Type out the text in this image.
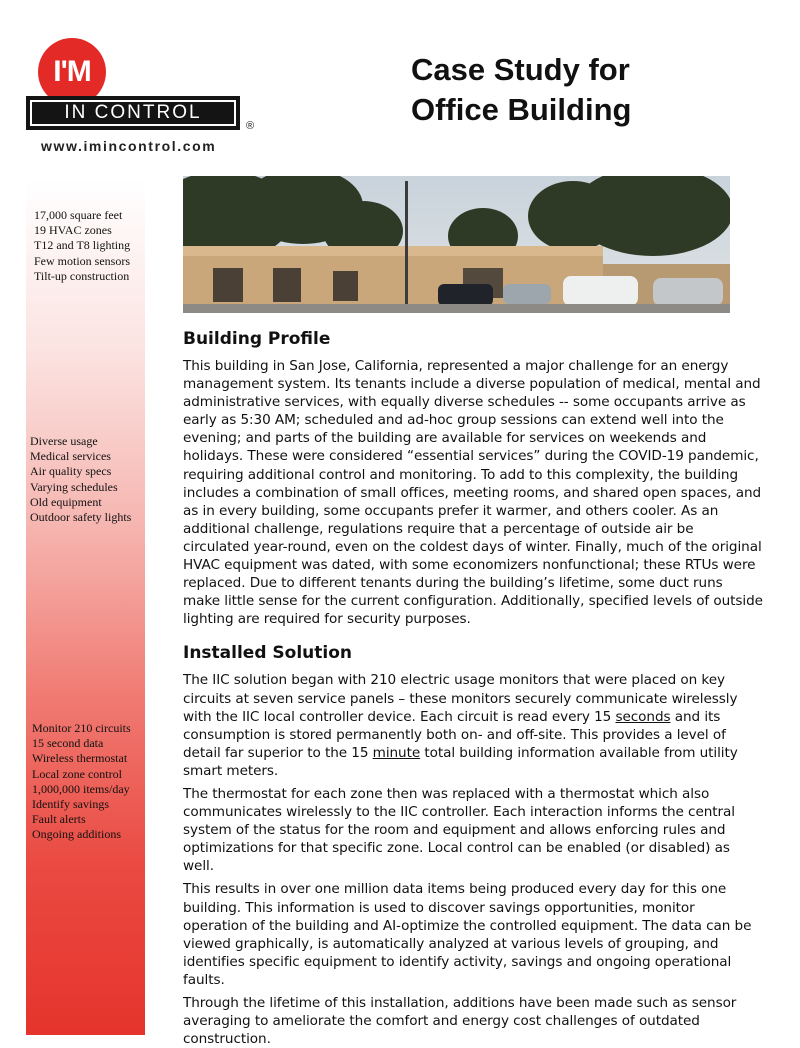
I'M
IN CONTROL
®
www.imincontrol.com
Case Study for
Office Building
17,000 square feet
19 HVAC zones
T12 and T8 lighting
Few motion sensors
Tilt-up construction
Diverse usage
Medical services
Air quality specs
Varying schedules
Old equipment
Outdoor safety lights
Monitor 210 circuits
15 second data
Wireless thermostat
Local zone control
1,000,000 items/day
Identify savings
Fault alerts
Ongoing additions
Building Profile

This building in San Jose, California, represented a major challenge for an energy management system. Its tenants include a diverse population of medical, mental and administrative services, with equally diverse schedules -- some occupants arrive as early as 5:30 AM; scheduled and ad-hoc group sessions can extend well into the evening; and parts of the building are available for services on weekends and holidays. These were considered “essential services” during the COVID-19 pandemic, requiring additional control and monitoring. To add to this complexity, the building includes a combination of small offices, meeting rooms, and shared open spaces, and as in every building, some occupants prefer it warmer, and others cooler. As an additional challenge, regulations require that a percentage of outside air be circulated year-round, even on the coldest days of winter. Finally, much of the original HVAC equipment was dated, with some economizers nonfunctional; these RTUs were replaced. Due to different tenants during the building’s lifetime, some duct runs make little sense for the current configuration. Additionally, specified levels of outside lighting are required for security purposes.

Installed Solution

The IIC solution began with 210 electric usage monitors that were placed on key circuits at seven service panels – these monitors securely communicate wirelessly with the IIC local controller device. Each circuit is read every 15 seconds and its consumption is stored permanently both on- and off-site. This provides a level of detail far superior to the 15 minute total building information available from utility smart meters.

The thermostat for each zone then was replaced with a thermostat which also communicates wirelessly to the IIC controller. Each interaction informs the central system of the status for the room and equipment and allows enforcing rules and optimizations for that specific zone. Local control can be enabled (or disabled) as well.

This results in over one million data items being produced every day for this one building. This information is used to discover savings opportunities, monitor operation of the building and AI-optimize the controlled equipment. The data can be viewed graphically, is automatically analyzed at various levels of grouping, and identifies specific equipment to identify activity, savings and ongoing operational faults.

Through the lifetime of this installation, additions have been made such as sensor averaging to ameliorate the comfort and energy cost challenges of outdated construction.
